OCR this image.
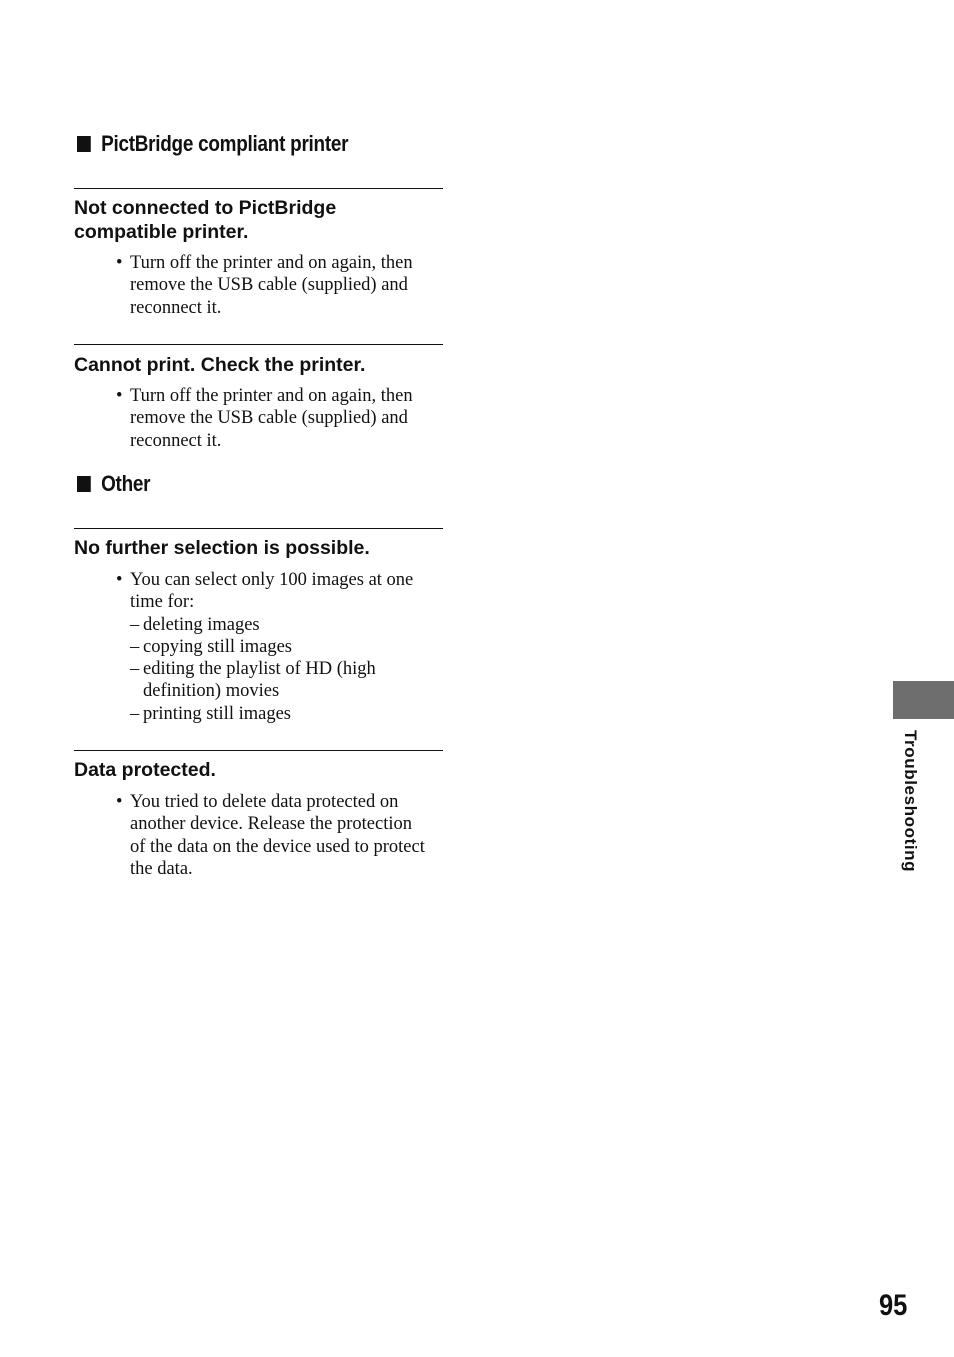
PictBridge compliant printer
Not connected to PictBridge
compatible printer.
• Turn off the printer and on again, then
remove the USB cable (supplied) and
reconnect it.
Cannot print. Check the printer.
• Turn off the printer and on again, then
remove the USB cable (supplied) and
reconnect it.
Other
No further selection is possible.
• You can select only 100 images at one
time for:
– deleting images
– copying still images
– editing the playlist of HD (high
definition) movies
– printing still images
Data protected.
• You tried to delete data protected on
another device. Release the protection
of the data on the device used to protect
the data.	Troubleshooting
95
